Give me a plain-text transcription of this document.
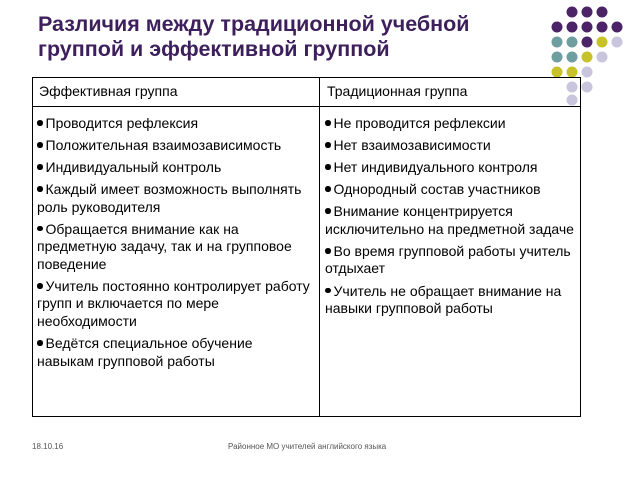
Различия между традиционной учебной
группой и эффективной группой
Эффективная группа	Традиционная группа
Проводится рефлексия
Положительная взаимозависимость
Индивидуальный контроль
Каждый имеет возможность выполнять роль руководителя
Обращается внимание как на предметную задачу, так и на групповое поведение
Учитель постоянно контролирует работу групп и включается по мере необходимости
Ведётся специальное обучение навыкам групповой работы
Не проводится рефлексии
Нет взаимозависимости
Нет индивидуального контроля
Однородный состав участников
Внимание концентрируется исключительно на предметной задаче
Во время групповой работы учитель отдыхает
Учитель не обращает внимание на навыки групповой работы
18.10.16	Районное МО учителей английского языка
